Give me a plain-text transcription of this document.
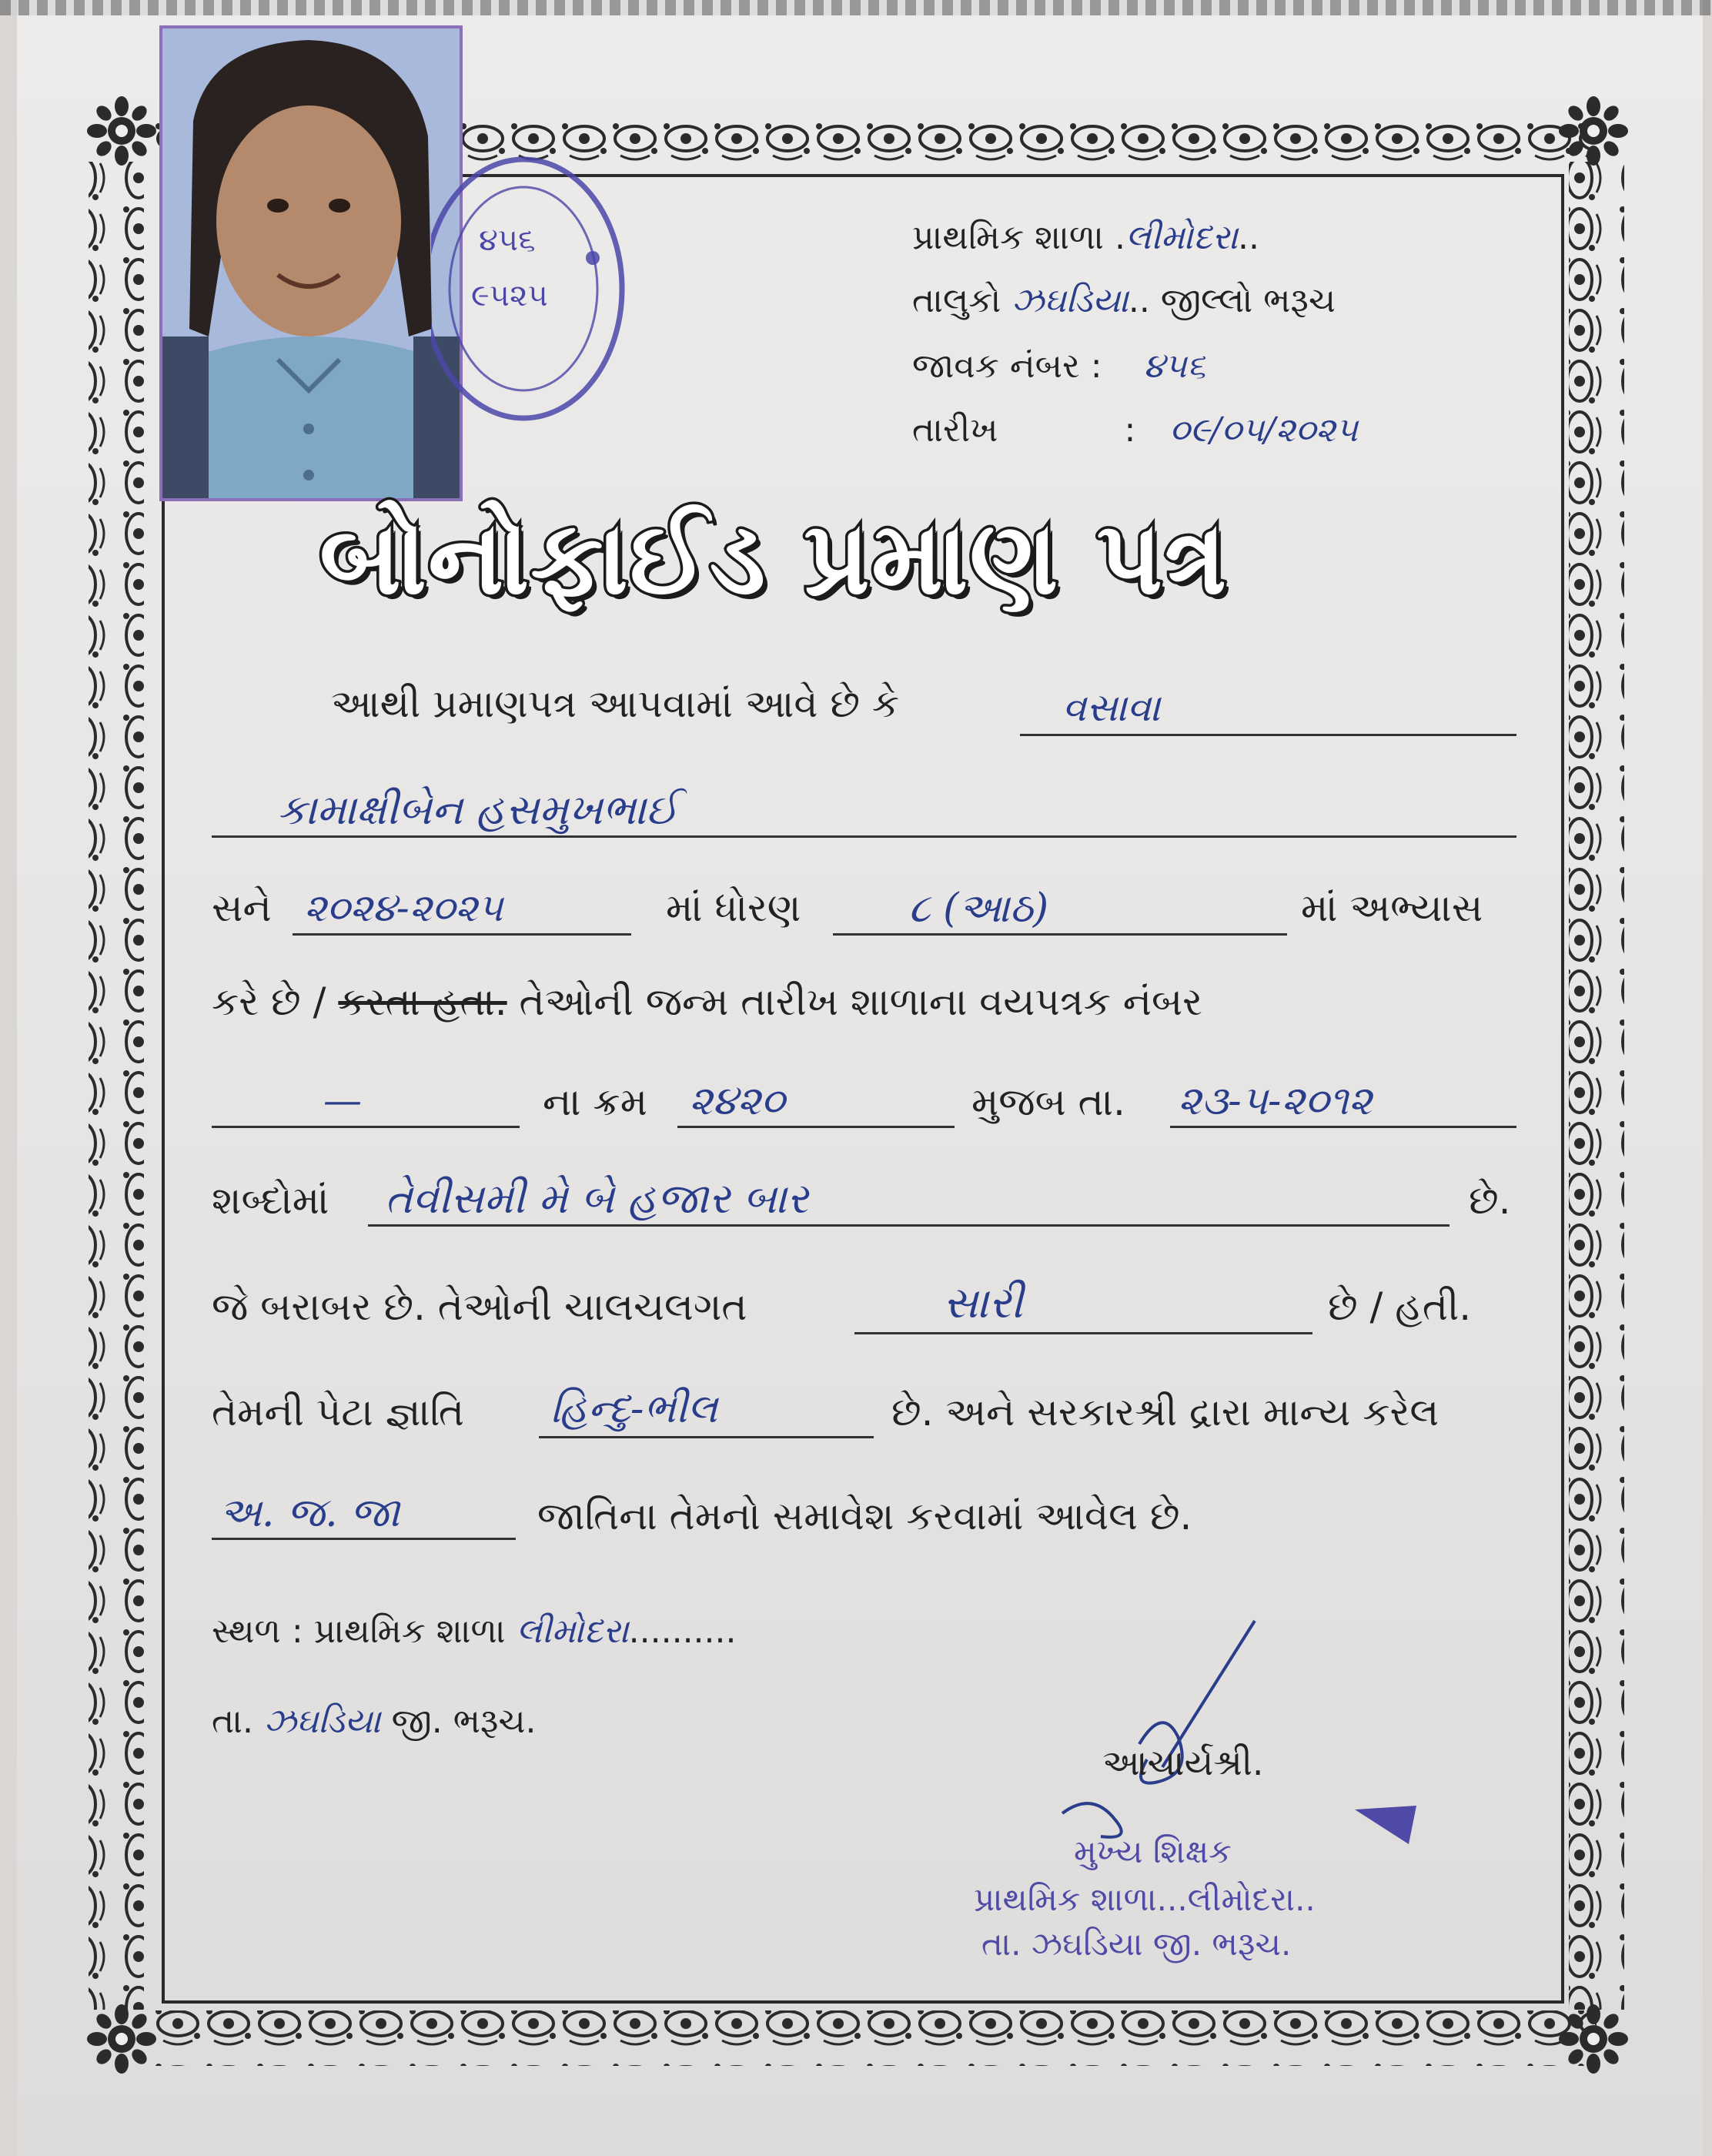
૪૫૬
૯૫૨૫
પ્રાથમિક શાળા .લીમોદરા..
તાલુકો ઝઘડિયા.. જીલ્લો ભરૂચ
જાવક નંબર : ૪૫૬
તારીખ	: ૦૯/૦૫/૨૦૨૫
બોનોફાઈડ પ્રમાણ પત્ર
આથી પ્રમાણપત્ર આપવામાં આવે છે કે	વસાવા
કામાક્ષીબેન હસમુખભાઈ
સને ૨૦૨૪-૨૦૨૫	માં ધોરણ	૮ (આઠ)	માં અભ્યાસ
કરે છે / કરતા હતા. તેઓની જન્મ તારીખ શાળાના વયપત્રક નંબર
—	ના ક્રમ ૨૪૨૦	મુજબ તા. ૨૩-૫-૨૦૧૨
શબ્દોમાં તેવીસમી મે બે હજાર બાર	છે.
જે બરાબર છે. તેઓની ચાલચલગત	સારી	છે / હતી.
તેમની પેટા જ્ઞાતિ હિન્દુ-ભીલ	છે. અને સરકારશ્રી દ્રારા માન્ય કરેલ
અ. જ. જા	જાતિના તેમનો સમાવેશ કરવામાં આવેલ છે.
સ્થળ : પ્રાથમિક શાળા લીમોદરા..........
તા. ઝઘડિયા જી. ભરૂચ.
આચાર્યશ્રી.
મુખ્ય શિક્ષક
પ્રાથમિક શાળા...લીમોદરા..
તા. ઝઘડિયા જી. ભરૂચ.
